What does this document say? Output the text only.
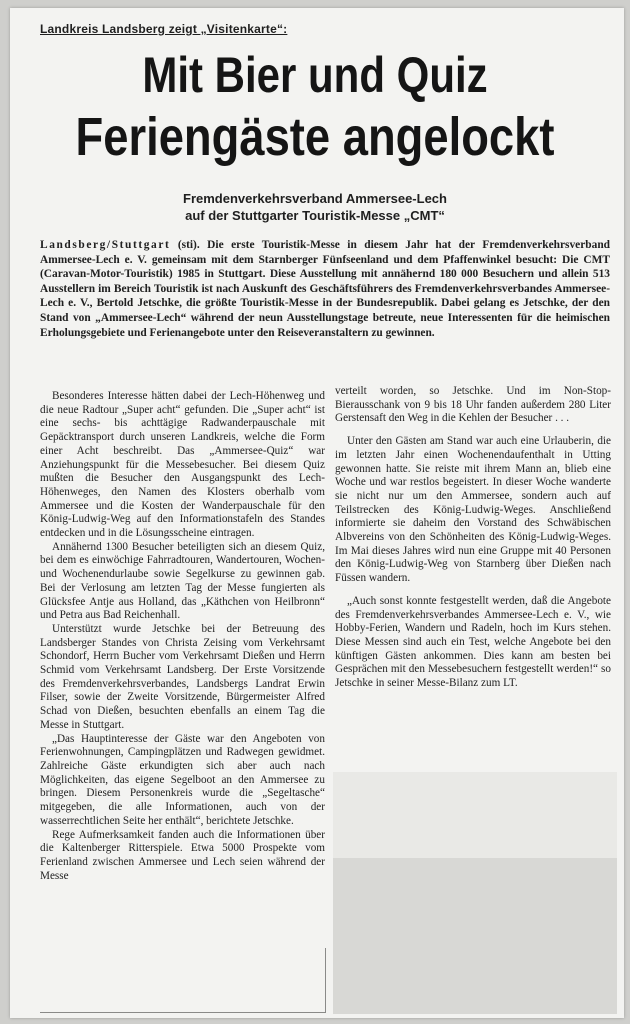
Landkreis Landsberg zeigt „Visitenkarte“:
Mit Bier und Quiz
Feriengäste angelockt
Fremdenverkehrsverband Ammersee-Lech
auf der Stuttgarter Touristik-Messe „CMT“
Landsberg/Stuttgart (sti). Die erste Touristik-Messe in diesem Jahr hat der Fremdenverkehrsverband Ammersee-Lech e. V. gemeinsam mit dem Starnberger Fünfseenland und dem Pfaffenwinkel besucht: Die CMT (Caravan-Motor-Touristik) 1985 in Stuttgart. Diese Ausstellung mit annähernd 180 000 Besuchern und allein 513 Ausstellern im Bereich Touristik ist nach Auskunft des Geschäftsführers des Fremdenverkehrsverbandes Ammersee-Lech e. V., Bertold Jetschke, die größte Touristik-Messe in der Bundesrepublik. Dabei gelang es Jetschke, der den Stand von „Ammersee-Lech“ während der neun Ausstellungstage betreute, neue Interessenten für die heimischen Erholungsgebiete und Ferienangebote unter den Reiseveranstaltern zu gewinnen.

Besonderes Interesse hätten dabei der Lech-Höhenweg und die neue Radtour „Super acht“ gefunden. Die „Super acht“ ist eine sechs- bis achttägige Radwanderpauschale mit Gepäcktransport durch unseren Landkreis, welche die Form einer Acht beschreibt. Das „Ammersee-Quiz“ war Anziehungspunkt für die Messebesucher. Bei diesem Quiz mußten die Besucher den Ausgangspunkt des Lech-Höhenweges, den Namen des Klosters oberhalb vom Ammersee und die Kosten der Wanderpauschale für den König-Ludwig-Weg auf den Informationstafeln des Standes entdecken und in die Lösungsscheine eintragen.

Annähernd 1300 Besucher beteiligten sich an diesem Quiz, bei dem es einwöchige Fahrradtouren, Wandertouren, Wochen- und Wochenendurlaube sowie Segelkurse zu gewinnen gab. Bei der Verlosung am letzten Tag der Messe fungierten als Glücksfee Antje aus Holland, das „Käthchen von Heilbronn“ und Petra aus Bad Reichenhall.

Unterstützt wurde Jetschke bei der Betreuung des Landsberger Standes von Christa Zeising vom Verkehrsamt Schondorf, Herrn Bucher vom Verkehrsamt Dießen und Herrn Schmid vom Verkehrsamt Landsberg. Der Erste Vorsitzende des Fremdenverkehrsverbandes, Landsbergs Landrat Erwin Filser, sowie der Zweite Vorsitzende, Bürgermeister Alfred Schad von Dießen, besuchten ebenfalls an einem Tag die Messe in Stuttgart.

„Das Hauptinteresse der Gäste war den Angeboten von Ferienwohnungen, Campingplätzen und Radwegen gewidmet. Zahlreiche Gäste erkundigten sich aber auch nach Möglichkeiten, das eigene Segelboot an den Ammersee zu bringen. Diesem Personenkreis wurde die „Segeltasche“ mitgegeben, die alle Informationen, auch von der wasserrechtlichen Seite her enthält“, berichtete Jetschke.

Rege Aufmerksamkeit fanden auch die Informationen über die Kaltenberger Ritterspiele. Etwa 5000 Prospekte vom Ferienland zwischen Ammersee und Lech seien während der Messe

verteilt worden, so Jetschke. Und im Non-Stop-Bierausschank von 9 bis 18 Uhr fanden außerdem 280 Liter Gerstensaft den Weg in die Kehlen der Besucher . . .

Unter den Gästen am Stand war auch eine Urlauberin, die im letzten Jahr einen Wochenendaufenthalt in Utting gewonnen hatte. Sie reiste mit ihrem Mann an, blieb eine Woche und war restlos begeistert. In dieser Woche wanderte sie nicht nur um den Ammersee, sondern auch auf Teilstrecken des König-Ludwig-Weges. Anschließend informierte sie daheim den Vorstand des Schwäbischen Albvereins von den Schönheiten des König-Ludwig-Weges. Im Mai dieses Jahres wird nun eine Gruppe mit 40 Personen den König-Ludwig-Weg von Starnberg über Dießen nach Füssen wandern.

„Auch sonst konnte festgestellt werden, daß die Angebote des Fremdenverkehrsverbandes Ammersee-Lech e. V., wie Hobby-Ferien, Wandern und Radeln, hoch im Kurs stehen. Diese Messen sind auch ein Test, welche Angebote bei den künftigen Gästen ankommen. Dies kann am besten bei Gesprächen mit den Messebesuchern festgestellt werden!“ so Jetschke in seiner Messe-Bilanz zum LT.
